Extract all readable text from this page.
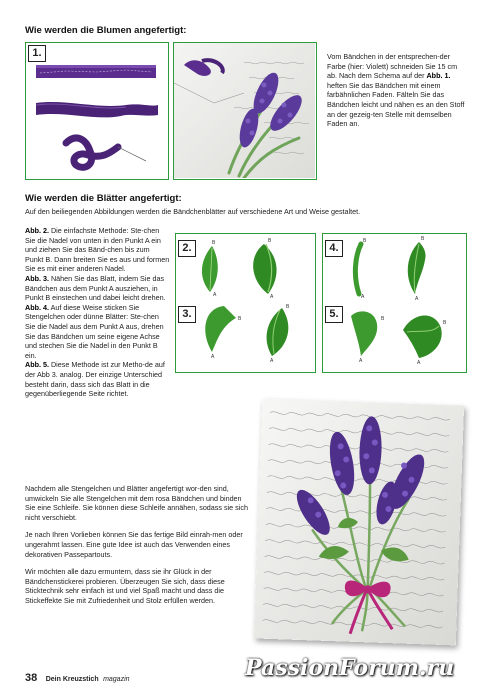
Wie werden die Blumen angefertigt:
1.	Vom Bändchen in der entsprechen-der Farbe (hier: Violett) schneiden Sie 15 cm ab. Nach dem Schema auf der Abb. 1. heften Sie das Bändchen mit einem farbähnlichen Faden. Fälteln Sie das Bändchen leicht und nähen es an den Stoff an der gezeig-ten Stelle mit demselben Faden an.

Wie werden die Blätter angefertigt:

Auf den beiliegenden Abbildungen werden die Bändchenblätter auf verschiedene Art und Weise gestaltet.

Abb. 2. Die einfachste Methode: Ste-chen Sie die Nadel von unten in den Punkt A ein und ziehen Sie das Bänd-chen bis zum Punkt B. Dann breiten Sie es aus und formen Sie es mit einer anderen Nadel.

Abb. 3. Nähen Sie das Blatt, indem Sie das Bändchen aus dem Punkt A ausziehen, in Punkt B einstechen und dabei leicht drehen.

Abb. 4. Auf diese Weise sticken Sie Stengelchen oder dünne Blätter: Ste-chen Sie die Nadel aus dem Punkt A aus, drehen Sie das Bändchen um seine eigene Achse und stechen Sie die Nadel in den Punkt B ein.

Abb. 5. Diese Methode ist zur Metho-de auf der Abb 3. analog. Der einzige Unterschied besteht darin, dass sich das Blatt in die gegenüberliegende Seite richtet.

2.
3.
B
A
B
A
B
A
B
A
4.
5.
B
A
B
A
B
A
B
A

Nachdem alle Stengelchen und Blätter angefertigt wor-den sind, umwickeln Sie alle Stengelchen mit dem rosa Bändchen und binden Sie eine Schleife. Sie können diese Schleife annähen, sodass sie sich nicht verschiebt.

Je nach Ihren Vorlieben können Sie das fertige Bild einrah-men oder ungerahmt lassen. Eine gute Idee ist auch das Verwenden eines dekorativen Passepartouts.

Wir möchten alle dazu ermuntern, dass sie ihr Glück in der Bändchenstickerei probieren. Überzeugen Sie sich, dass diese Sticktechnik sehr einfach ist und viel Spaß macht und dass die Stickeffekte Sie mit Zufriedenheit und Stolz erfüllen werden.

38 Dein Kreuzstich magazin	PassionForum.ru
